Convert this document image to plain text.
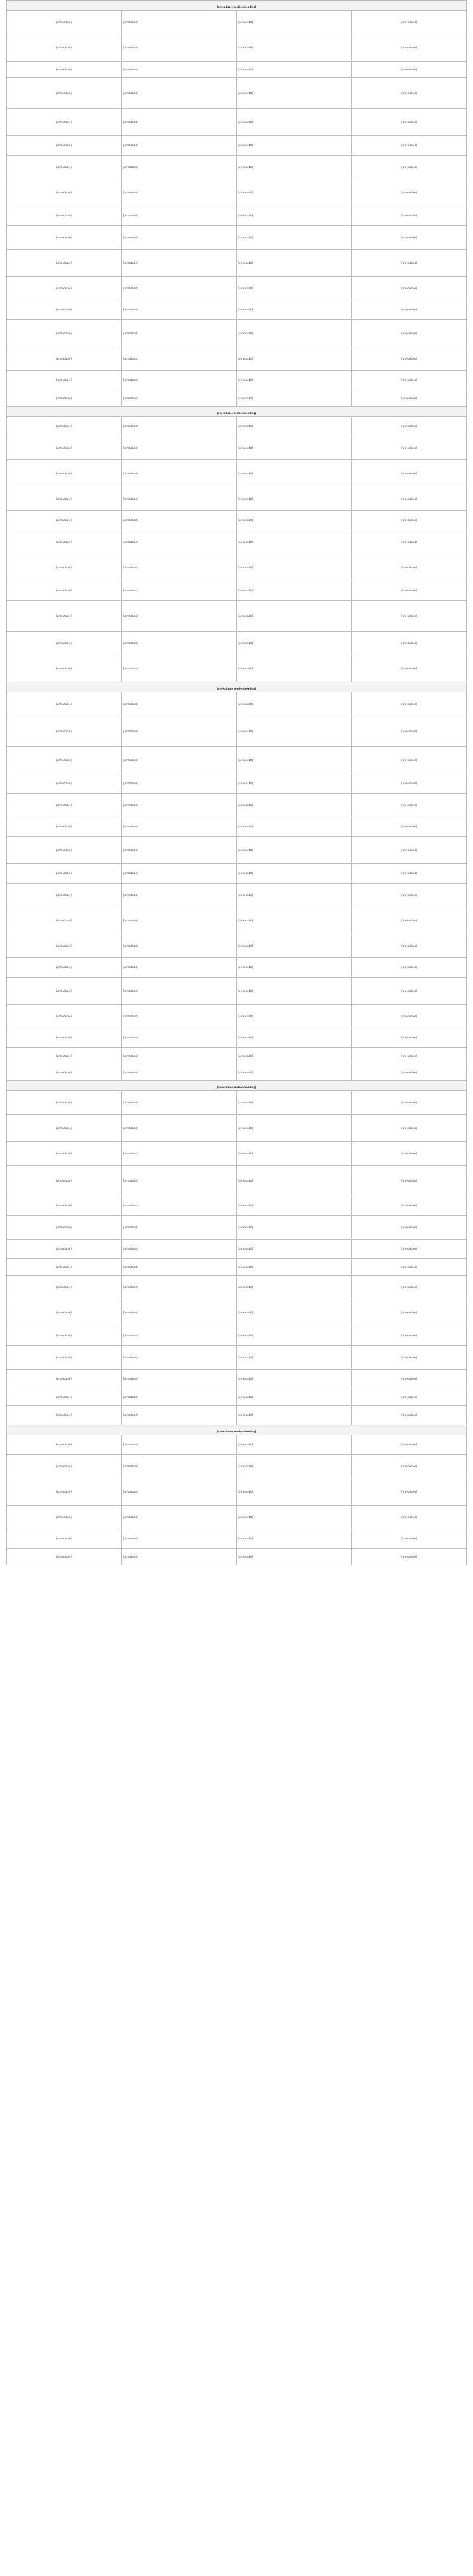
[unreadable section heading]			
[unreadable]	[unreadable]	[unreadable]	[unreadable]
[unreadable]	[unreadable]	[unreadable]	[unreadable]
[unreadable]	[unreadable]	[unreadable]	[unreadable]
[unreadable]	[unreadable]	[unreadable]	[unreadable]
[unreadable]	[unreadable]	[unreadable]	[unreadable]
[unreadable]	[unreadable]	[unreadable]	[unreadable]
[unreadable]	[unreadable]	[unreadable]	[unreadable]
[unreadable]	[unreadable]	[unreadable]	[unreadable]
[unreadable]	[unreadable]	[unreadable]	[unreadable]
[unreadable]	[unreadable]	[unreadable]	[unreadable]
[unreadable]	[unreadable]	[unreadable]	[unreadable]
[unreadable]	[unreadable]	[unreadable]	[unreadable]
[unreadable]	[unreadable]	[unreadable]	[unreadable]
[unreadable]	[unreadable]	[unreadable]	[unreadable]
[unreadable]	[unreadable]	[unreadable]	[unreadable]
[unreadable]	[unreadable]	[unreadable]	[unreadable]
[unreadable]	[unreadable]	[unreadable]	[unreadable]
[unreadable section heading]			
[unreadable]	[unreadable]	[unreadable]	[unreadable]
[unreadable]	[unreadable]	[unreadable]	[unreadable]
[unreadable]	[unreadable]	[unreadable]	[unreadable]
[unreadable]	[unreadable]	[unreadable]	[unreadable]
[unreadable]	[unreadable]	[unreadable]	[unreadable]
[unreadable]	[unreadable]	[unreadable]	[unreadable]
[unreadable]	[unreadable]	[unreadable]	[unreadable]
[unreadable]	[unreadable]	[unreadable]	[unreadable]
[unreadable]	[unreadable]	[unreadable]	[unreadable]
[unreadable]	[unreadable]	[unreadable]	[unreadable]
[unreadable]	[unreadable]	[unreadable]	[unreadable]
[unreadable section heading]			
[unreadable]	[unreadable]	[unreadable]	[unreadable]
[unreadable]	[unreadable]	[unreadable]	[unreadable]
[unreadable]	[unreadable]	[unreadable]	[unreadable]
[unreadable]	[unreadable]	[unreadable]	[unreadable]
[unreadable]	[unreadable]	[unreadable]	[unreadable]
[unreadable]	[unreadable]	[unreadable]	[unreadable]
[unreadable]	[unreadable]	[unreadable]	[unreadable]
[unreadable]	[unreadable]	[unreadable]	[unreadable]
[unreadable]	[unreadable]	[unreadable]	[unreadable]
[unreadable]	[unreadable]	[unreadable]	[unreadable]
[unreadable]	[unreadable]	[unreadable]	[unreadable]
[unreadable]	[unreadable]	[unreadable]	[unreadable]
[unreadable]	[unreadable]	[unreadable]	[unreadable]
[unreadable]	[unreadable]	[unreadable]	[unreadable]
[unreadable]	[unreadable]	[unreadable]	[unreadable]
[unreadable]	[unreadable]	[unreadable]	[unreadable]
[unreadable]	[unreadable]	[unreadable]	[unreadable]
[unreadable section heading]			
[unreadable]	[unreadable]	[unreadable]	[unreadable]
[unreadable]	[unreadable]	[unreadable]	[unreadable]
[unreadable]	[unreadable]	[unreadable]	[unreadable]
[unreadable]	[unreadable]	[unreadable]	[unreadable]
[unreadable]	[unreadable]	[unreadable]	[unreadable]
[unreadable]	[unreadable]	[unreadable]	[unreadable]
[unreadable]	[unreadable]	[unreadable]	[unreadable]
[unreadable]	[unreadable]	[unreadable]	[unreadable]
[unreadable]	[unreadable]	[unreadable]	[unreadable]
[unreadable]	[unreadable]	[unreadable]	[unreadable]
[unreadable]	[unreadable]	[unreadable]	[unreadable]
[unreadable]	[unreadable]	[unreadable]	[unreadable]
[unreadable]	[unreadable]	[unreadable]	[unreadable]
[unreadable]	[unreadable]	[unreadable]	[unreadable]
[unreadable]	[unreadable]	[unreadable]	[unreadable]
[unreadable section heading]			
[unreadable]	[unreadable]	[unreadable]	[unreadable]
[unreadable]	[unreadable]	[unreadable]	[unreadable]
[unreadable]	[unreadable]	[unreadable]	[unreadable]
[unreadable]	[unreadable]	[unreadable]	[unreadable]
[unreadable]	[unreadable]	[unreadable]	[unreadable]
[unreadable]	[unreadable]	[unreadable]	[unreadable]
